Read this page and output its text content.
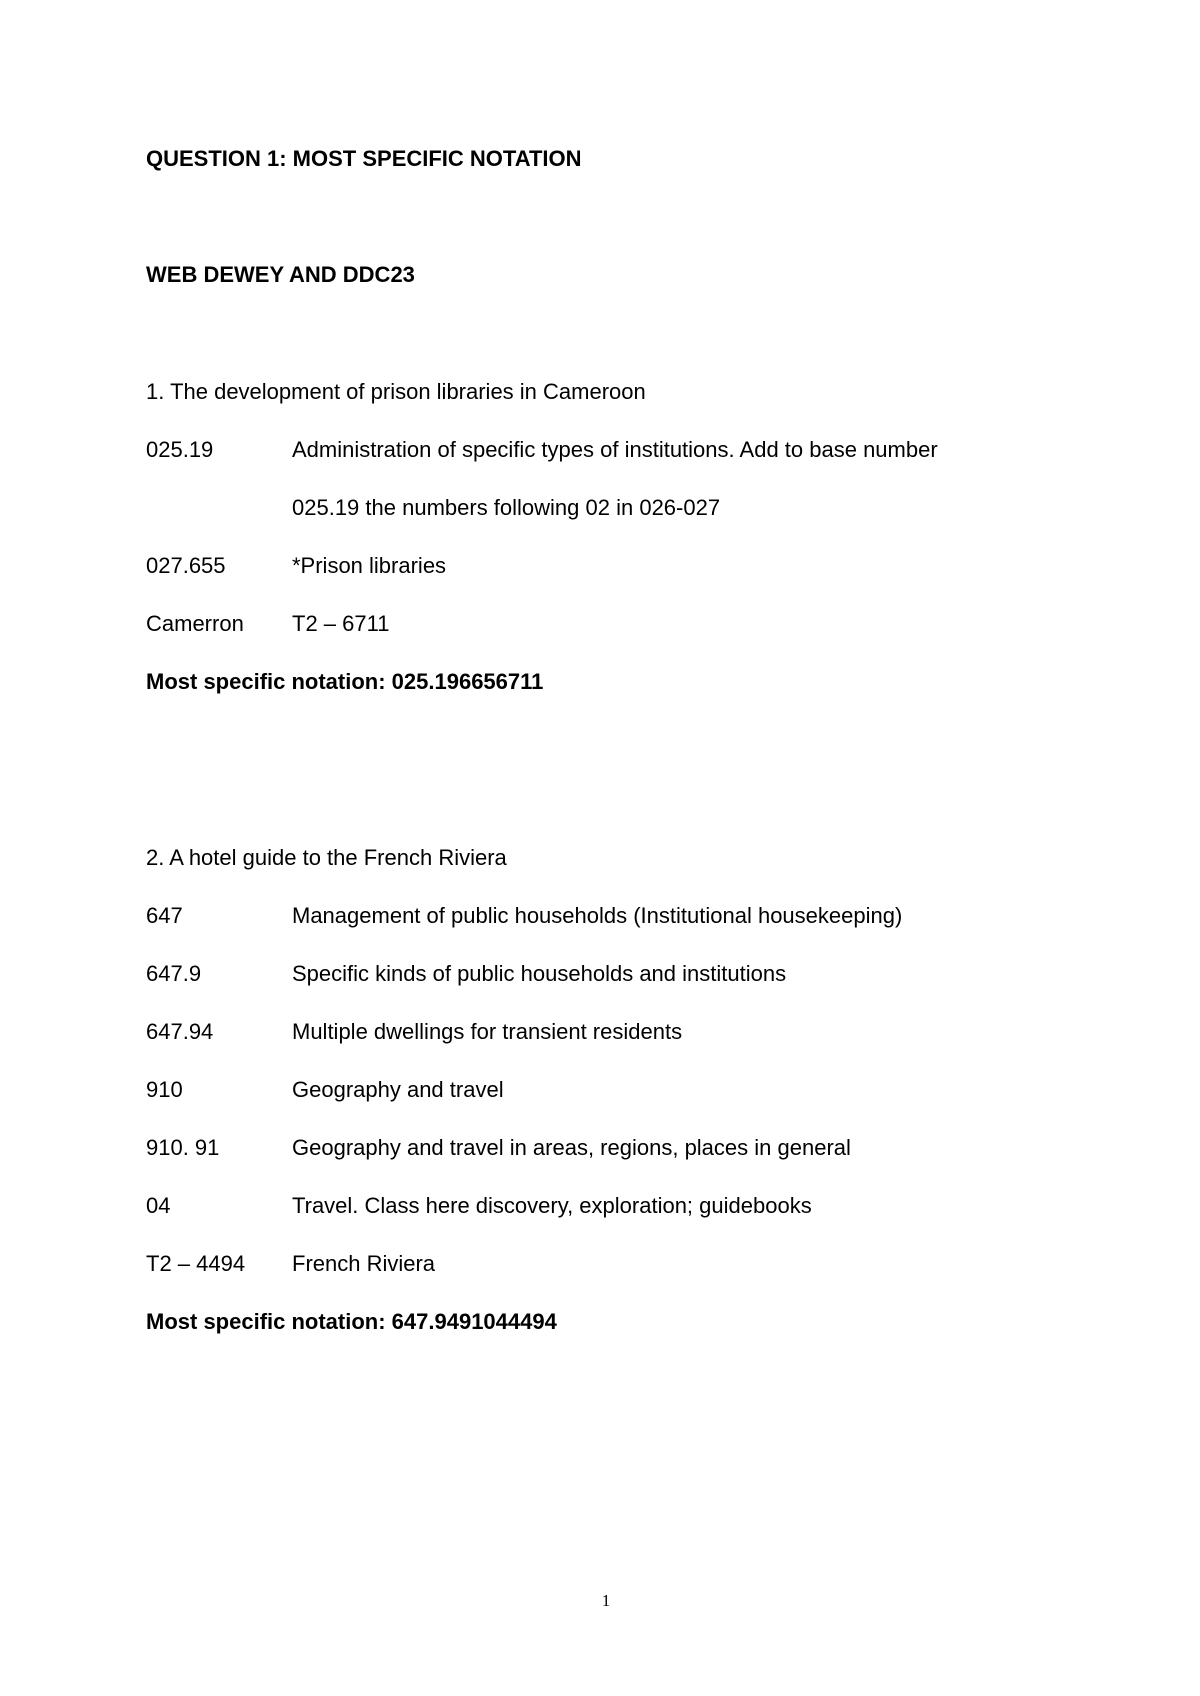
QUESTION 1: MOST SPECIFIC NOTATION
WEB DEWEY AND DDC23
1. The development of prison libraries in Cameroon
025.19	Administration of specific types of institutions. Add to base number
025.19 the numbers following 02 in 026-027
027.655	*Prison libraries
Camerron T2 – 6711
Most specific notation: 025.196656711
2. A hotel guide to the French Riviera
647	Management of public households (Institutional housekeeping)
647.9	Specific kinds of public households and institutions
647.94	Multiple dwellings for transient residents
910	Geography and travel
910. 91	Geography and travel in areas, regions, places in general
04	Travel. Class here discovery, exploration; guidebooks
T2 – 4494 French Riviera
Most specific notation: 647.9491044494
1
